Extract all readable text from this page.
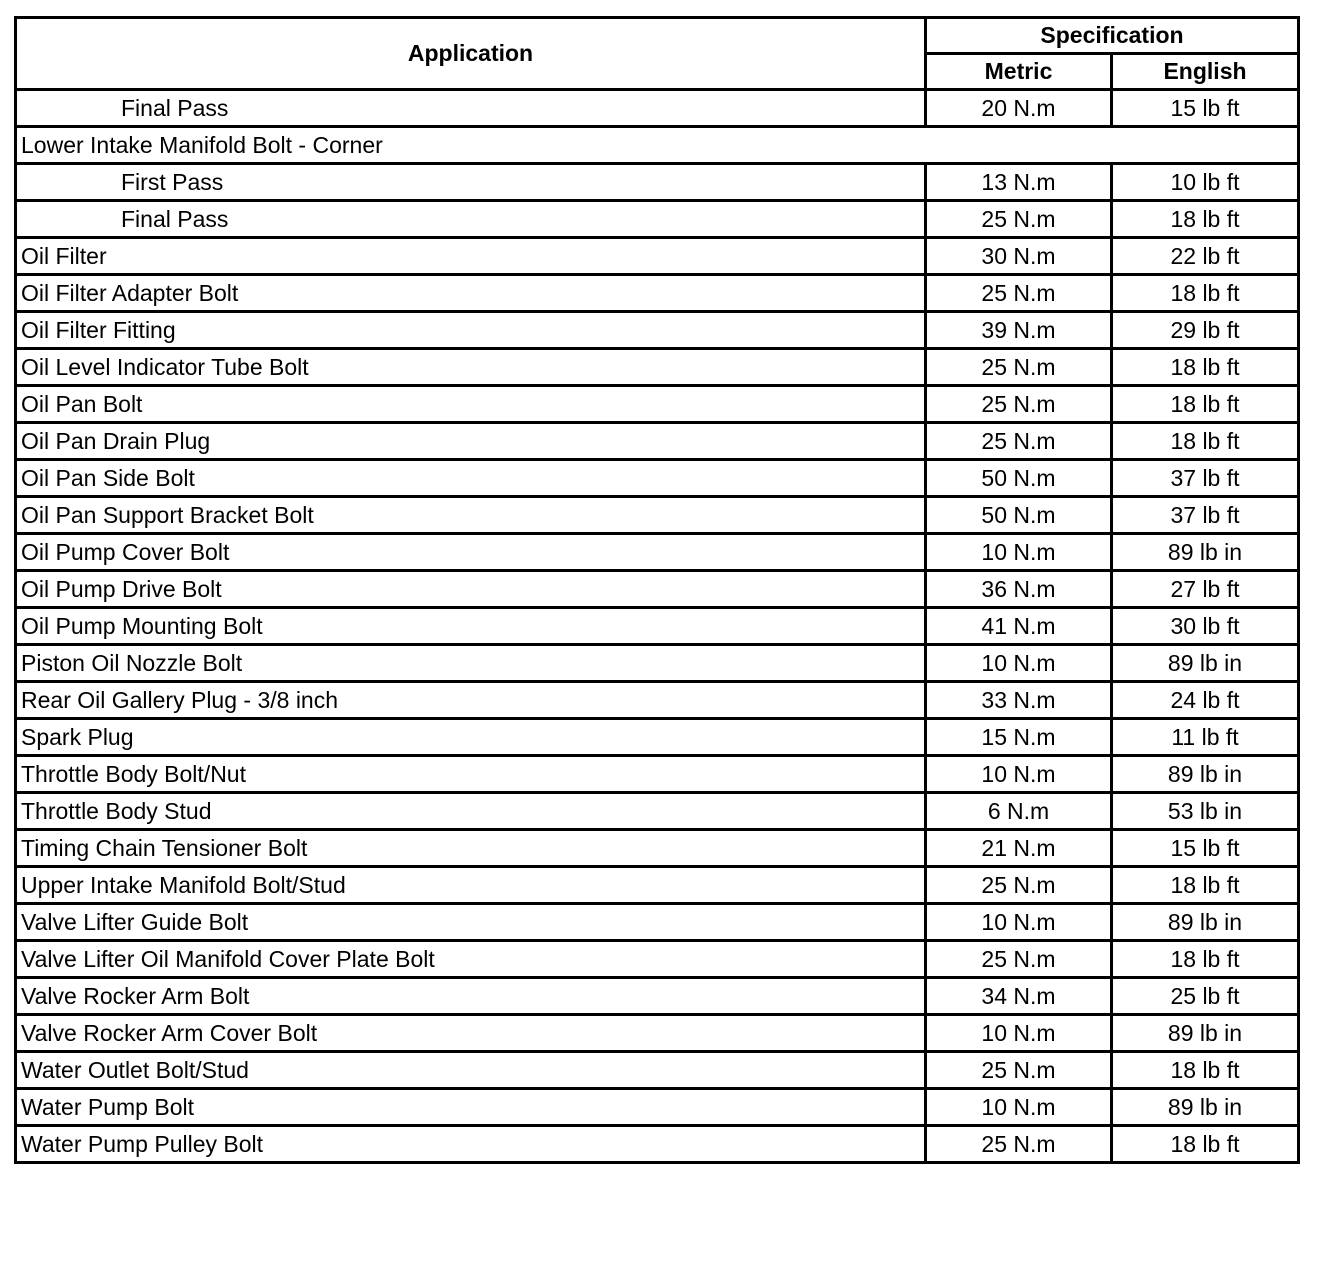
Application	Specification	
	Metric	English
Final Pass	20 N.m	15 lb ft
Lower Intake Manifold Bolt - Corner		
First Pass	13 N.m	10 lb ft
Final Pass	25 N.m	18 lb ft
Oil Filter	30 N.m	22 lb ft
Oil Filter Adapter Bolt	25 N.m	18 lb ft
Oil Filter Fitting	39 N.m	29 lb ft
Oil Level Indicator Tube Bolt	25 N.m	18 lb ft
Oil Pan Bolt	25 N.m	18 lb ft
Oil Pan Drain Plug	25 N.m	18 lb ft
Oil Pan Side Bolt	50 N.m	37 lb ft
Oil Pan Support Bracket Bolt	50 N.m	37 lb ft
Oil Pump Cover Bolt	10 N.m	89 lb in
Oil Pump Drive Bolt	36 N.m	27 lb ft
Oil Pump Mounting Bolt	41 N.m	30 lb ft
Piston Oil Nozzle Bolt	10 N.m	89 lb in
Rear Oil Gallery Plug - 3/8 inch	33 N.m	24 lb ft
Spark Plug	15 N.m	11 lb ft
Throttle Body Bolt/Nut	10 N.m	89 lb in
Throttle Body Stud	6 N.m	53 lb in
Timing Chain Tensioner Bolt	21 N.m	15 lb ft
Upper Intake Manifold Bolt/Stud	25 N.m	18 lb ft
Valve Lifter Guide Bolt	10 N.m	89 lb in
Valve Lifter Oil Manifold Cover Plate Bolt	25 N.m	18 lb ft
Valve Rocker Arm Bolt	34 N.m	25 lb ft
Valve Rocker Arm Cover Bolt	10 N.m	89 lb in
Water Outlet Bolt/Stud	25 N.m	18 lb ft
Water Pump Bolt	10 N.m	89 lb in
Water Pump Pulley Bolt	25 N.m	18 lb ft
